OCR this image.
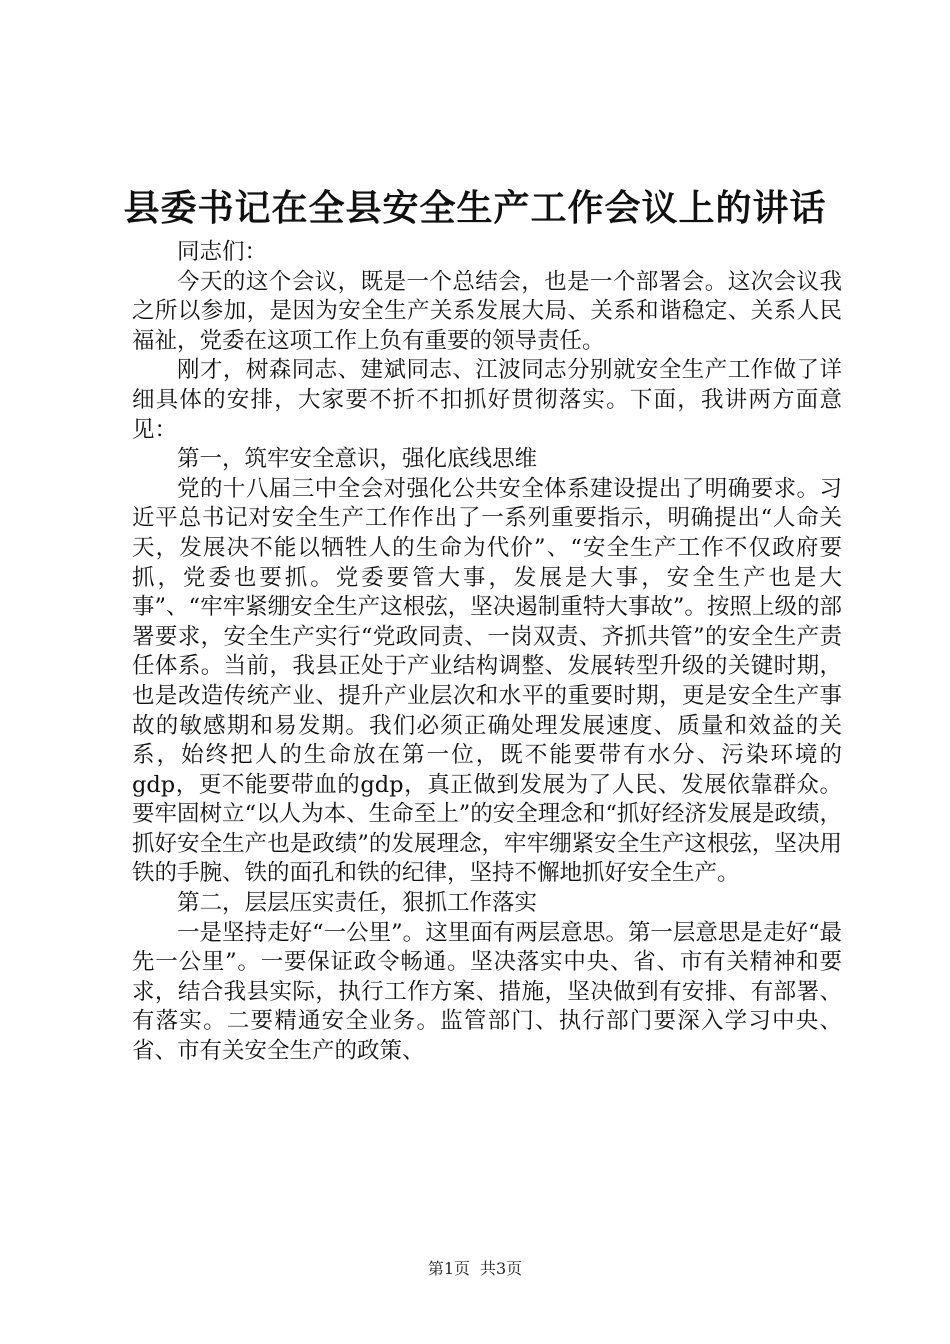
县委书记在全县安全生产工作会议上的讲话

同志们：

今天的这个会议，既是一个总结会，也是一个部署会。这次会议我之所以参加，是因为安全生产关系发展大局、关系和谐稳定、关系人民福祉，党委在这项工作上负有重要的领导责任。

刚才，树森同志、建斌同志、江波同志分别就安全生产工作做了详细具体的安排，大家要不折不扣抓好贯彻落实。下面，我讲两方面意见：

第一，筑牢安全意识，强化底线思维

党的十八届三中全会对强化公共安全体系建设提出了明确要求。习近平总书记对安全生产工作作出了一系列重要指示，明确提出“人命关天，发展决不能以牺牲人的生命为代价”、“安全生产工作不仅政府要抓，党委也要抓。党委要管大事，发展是大事，安全生产也是大事”、“牢牢紧绷安全生产这根弦，坚决遏制重特大事故”。按照上级的部署要求，安全生产实行“党政同责、一岗双责、齐抓共管”的安全生产责任体系。当前，我县正处于产业结构调整、发展转型升级的关键时期，也是改造传统产业、提升产业层次和水平的重要时期，更是安全生产事故的敏感期和易发期。我们必须正确处理发展速度、质量和效益的关系，始终把人的生命放在第一位，既不能要带有水分、污染环境的gdp，更不能要带血的gdp，真正做到发展为了人民、发展依靠群众。要牢固树立“以人为本、生命至上”的安全理念和“抓好经济发展是政绩，抓好安全生产也是政绩”的发展理念，牢牢绷紧安全生产这根弦，坚决用铁的手腕、铁的面孔和铁的纪律，坚持不懈地抓好安全生产。

第二，层层压实责任，狠抓工作落实

一是坚持走好“一公里”。这里面有两层意思。第一层意思是走好“最先一公里”。一要保证政令畅通。坚决落实中央、省、市有关精神和要求，结合我县实际，执行工作方案、措施，坚决做到有安排、有部署、有落实。二要精通安全业务。监管部门、执行部门要深入学习中央、省、市有关安全生产的政策、

第1页 共3页
